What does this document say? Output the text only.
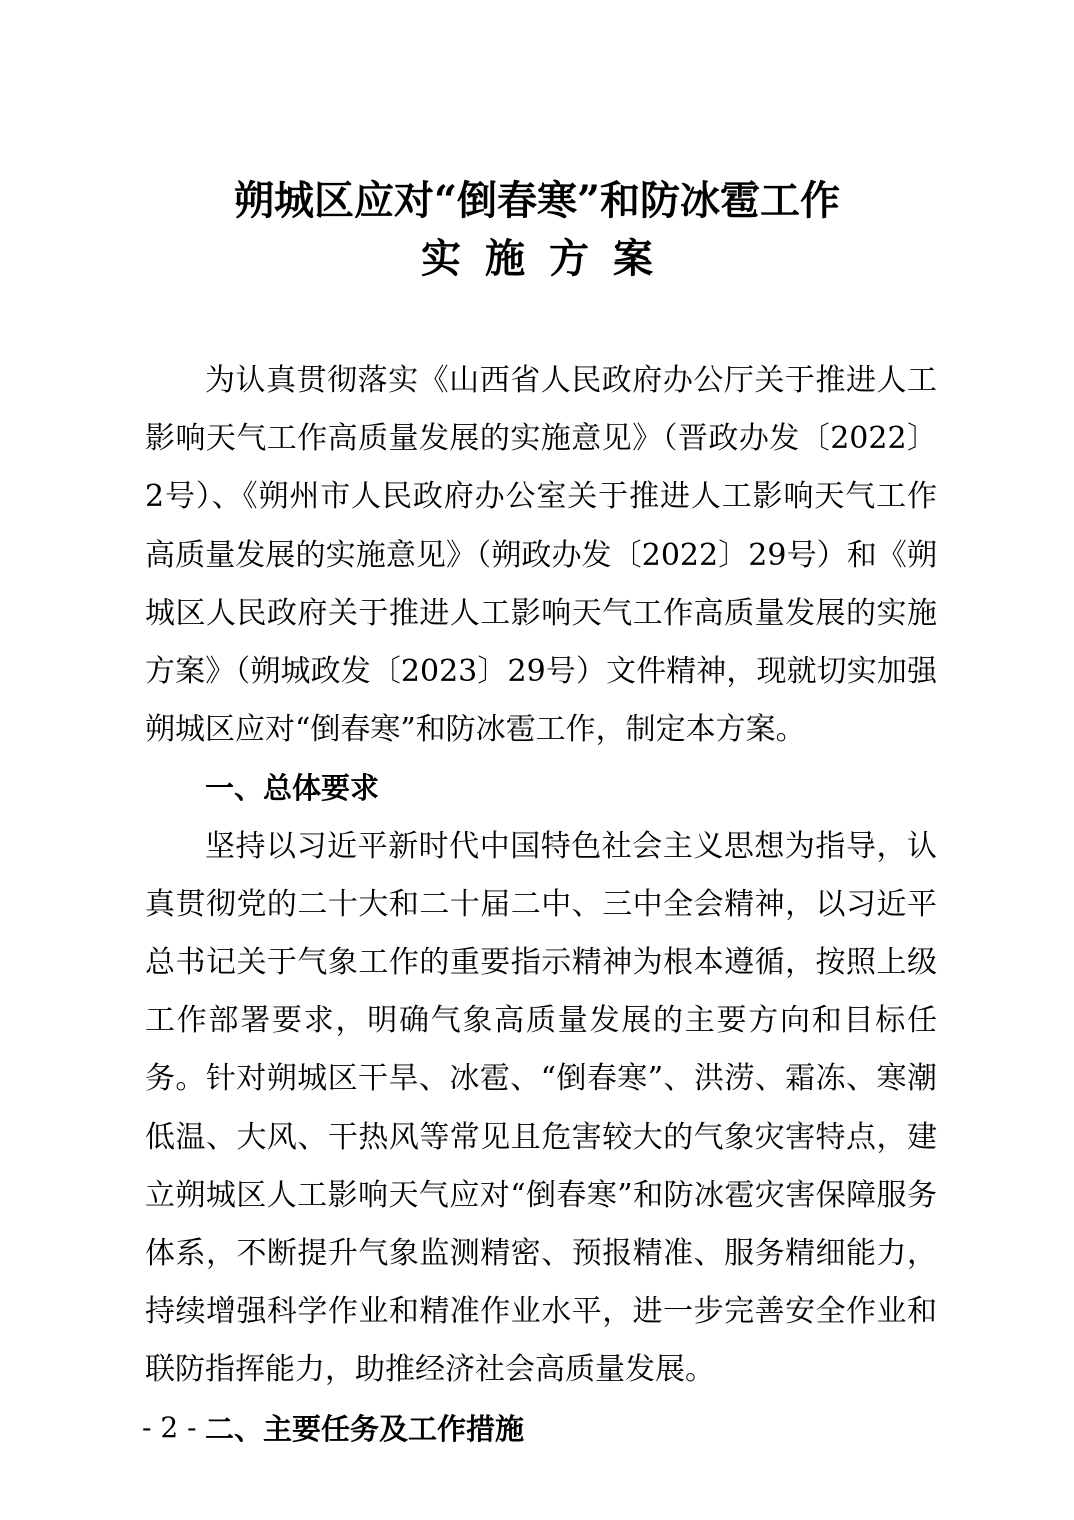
朔城区应对“倒春寒”和防冰雹工作
实施方案

为认真贯彻落实《山西省人民政府办公厅关于推进人工影响天气工作高质量发展的实施意见》（晋政办发〔2022〕2号）、《朔州市人民政府办公室关于推进人工影响天气工作高质量发展的实施意见》（朔政办发〔2022〕29号）和《朔城区人民政府关于推进人工影响天气工作高质量发展的实施方案》（朔城政发〔2023〕29号）文件精神，现就切实加强朔城区应对“倒春寒”和防冰雹工作，制定本方案。

一、总体要求

坚持以习近平新时代中国特色社会主义思想为指导，认真贯彻党的二十大和二十届二中、三中全会精神，以习近平总书记关于气象工作的重要指示精神为根本遵循，按照上级工作部署要求，明确气象高质量发展的主要方向和目标任务。针对朔城区干旱、冰雹、“倒春寒”、洪涝、霜冻、寒潮低温、大风、干热风等常见且危害较大的气象灾害特点，建立朔城区人工影响天气应对“倒春寒”和防冰雹灾害保障服务体系，不断提升气象监测精密、预报精准、服务精细能力，持续增强科学作业和精准作业水平，进一步完善安全作业和联防指挥能力，助推经济社会高质量发展。

二、主要任务及工作措施

- 2 -
